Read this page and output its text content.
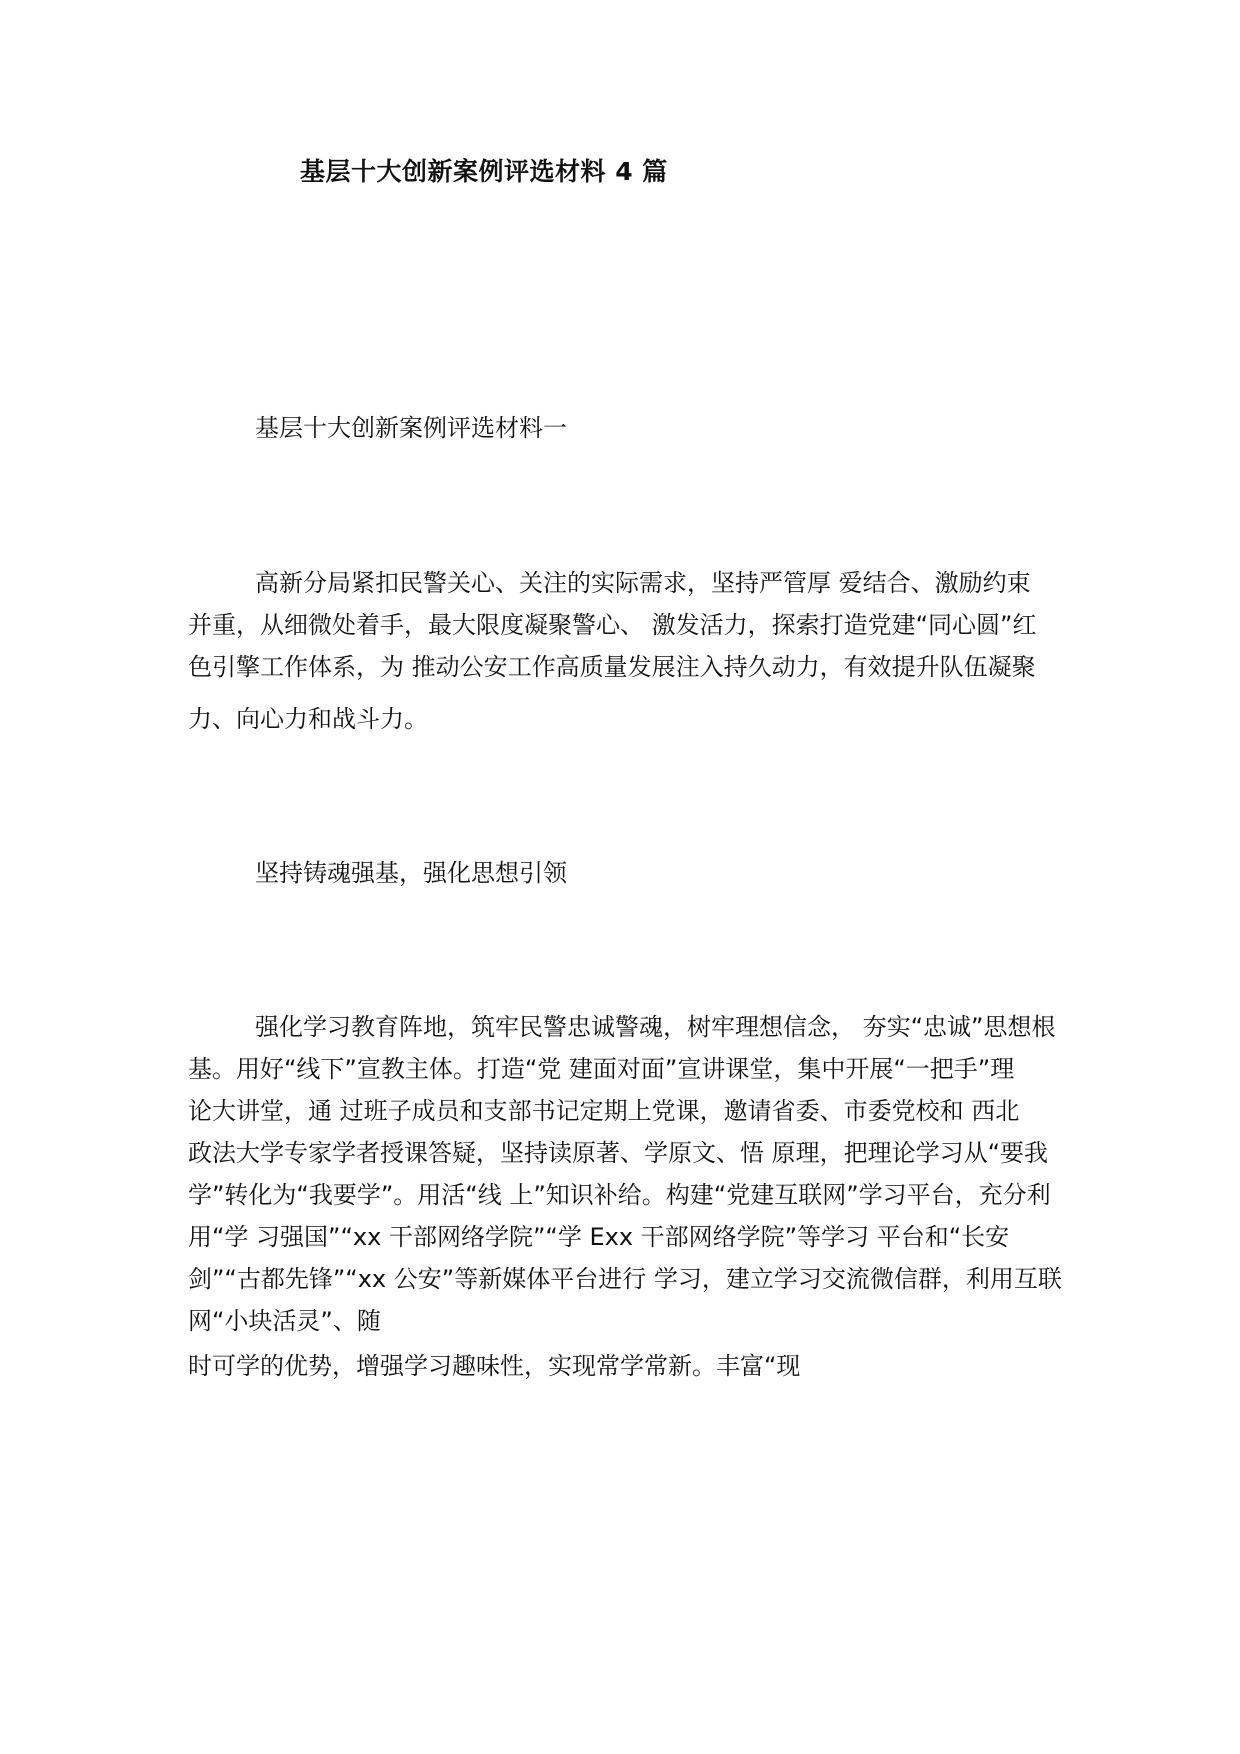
基层十大创新案例评选材料 4 篇
基层十大创新案例评选材料一
高新分局紧扣民警关心、关注的实际需求，坚持严管厚 爱结合、激励约束
并重，从细微处着手，最大限度凝聚警心、 激发活力，探索打造党建“同心圆”红
色引擎工作体系，为 推动公安工作高质量发展注入持久动力，有效提升队伍凝聚
力、向心力和战斗力。
坚持铸魂强基，强化思想引领
强化学习教育阵地，筑牢民警忠诚警魂，树牢理想信念， 夯实“忠诚”思想根
基。用好“线下”宣教主体。打造“党 建面对面”宣讲课堂，集中开展“一把手”理
论大讲堂，通 过班子成员和支部书记定期上党课，邀请省委、市委党校和 西北
政法大学专家学者授课答疑，坚持读原著、学原文、悟 原理，把理论学习从“要我
学”转化为“我要学”。用活“线 上”知识补给。构建“党建互联网”学习平台，充分利
用“学 习强国”“xx 干部网络学院”“学 Exx 干部网络学院”等学习 平台和“长安
剑”“古都先锋”“xx 公安”等新媒体平台进行 学习，建立学习交流微信群，利用互联
网“小块活灵”、随
时可学的优势，增强学习趣味性，实现常学常新。丰富“现
